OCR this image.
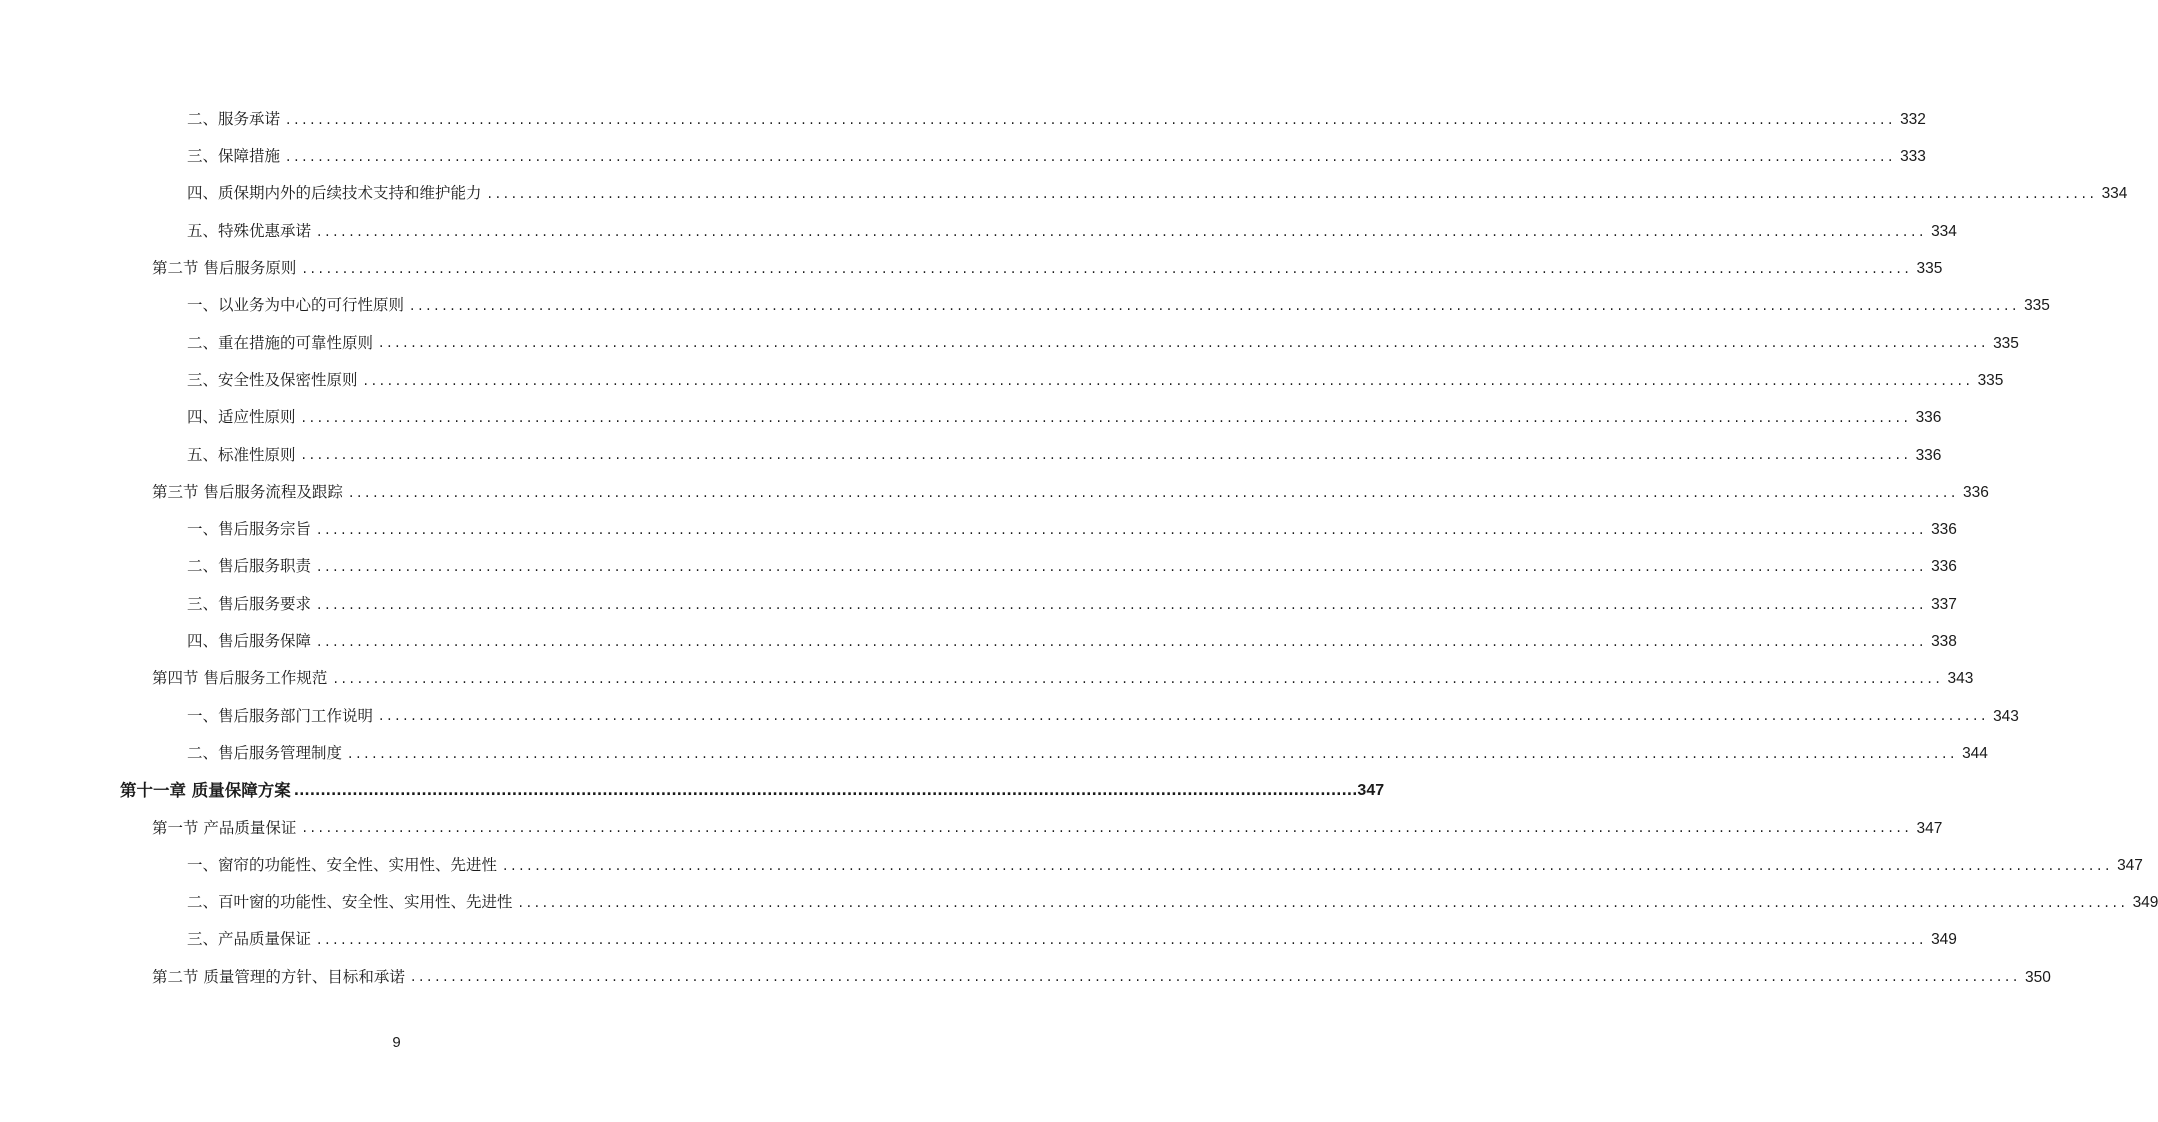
二、服务承诺 ........................................................................................................................................................................................................ 332
三、保障措施 ........................................................................................................................................................................................................ 333
四、质保期内外的后续技术支持和维护能力 ........................................................................................................................................................................................................ 334
五、特殊优惠承诺 ........................................................................................................................................................................................................ 334
第二节 售后服务原则 ........................................................................................................................................................................................................ 335
一、以业务为中心的可行性原则 ........................................................................................................................................................................................................ 335
二、重在措施的可靠性原则 ........................................................................................................................................................................................................ 335
三、安全性及保密性原则 ........................................................................................................................................................................................................ 335
四、适应性原则 ........................................................................................................................................................................................................ 336
五、标准性原则 ........................................................................................................................................................................................................ 336
第三节 售后服务流程及跟踪 ........................................................................................................................................................................................................ 336
一、售后服务宗旨 ........................................................................................................................................................................................................ 336
二、售后服务职责 ........................................................................................................................................................................................................ 336
三、售后服务要求 ........................................................................................................................................................................................................ 337
四、售后服务保障 ........................................................................................................................................................................................................ 338
第四节 售后服务工作规范 ........................................................................................................................................................................................................ 343
一、售后服务部门工作说明 ........................................................................................................................................................................................................ 343
二、售后服务管理制度 ........................................................................................................................................................................................................ 344
第十一章 质量保障方案 ........................................................................................................................................................................................................ 347
第一节 产品质量保证 ........................................................................................................................................................................................................ 347
一、窗帘的功能性、安全性、实用性、先进性 ........................................................................................................................................................................................................ 347
二、百叶窗的功能性、安全性、实用性、先进性 ........................................................................................................................................................................................................ 349
三、产品质量保证 ........................................................................................................................................................................................................ 349
第二节 质量管理的方针、目标和承诺 ........................................................................................................................................................................................................ 350
9
